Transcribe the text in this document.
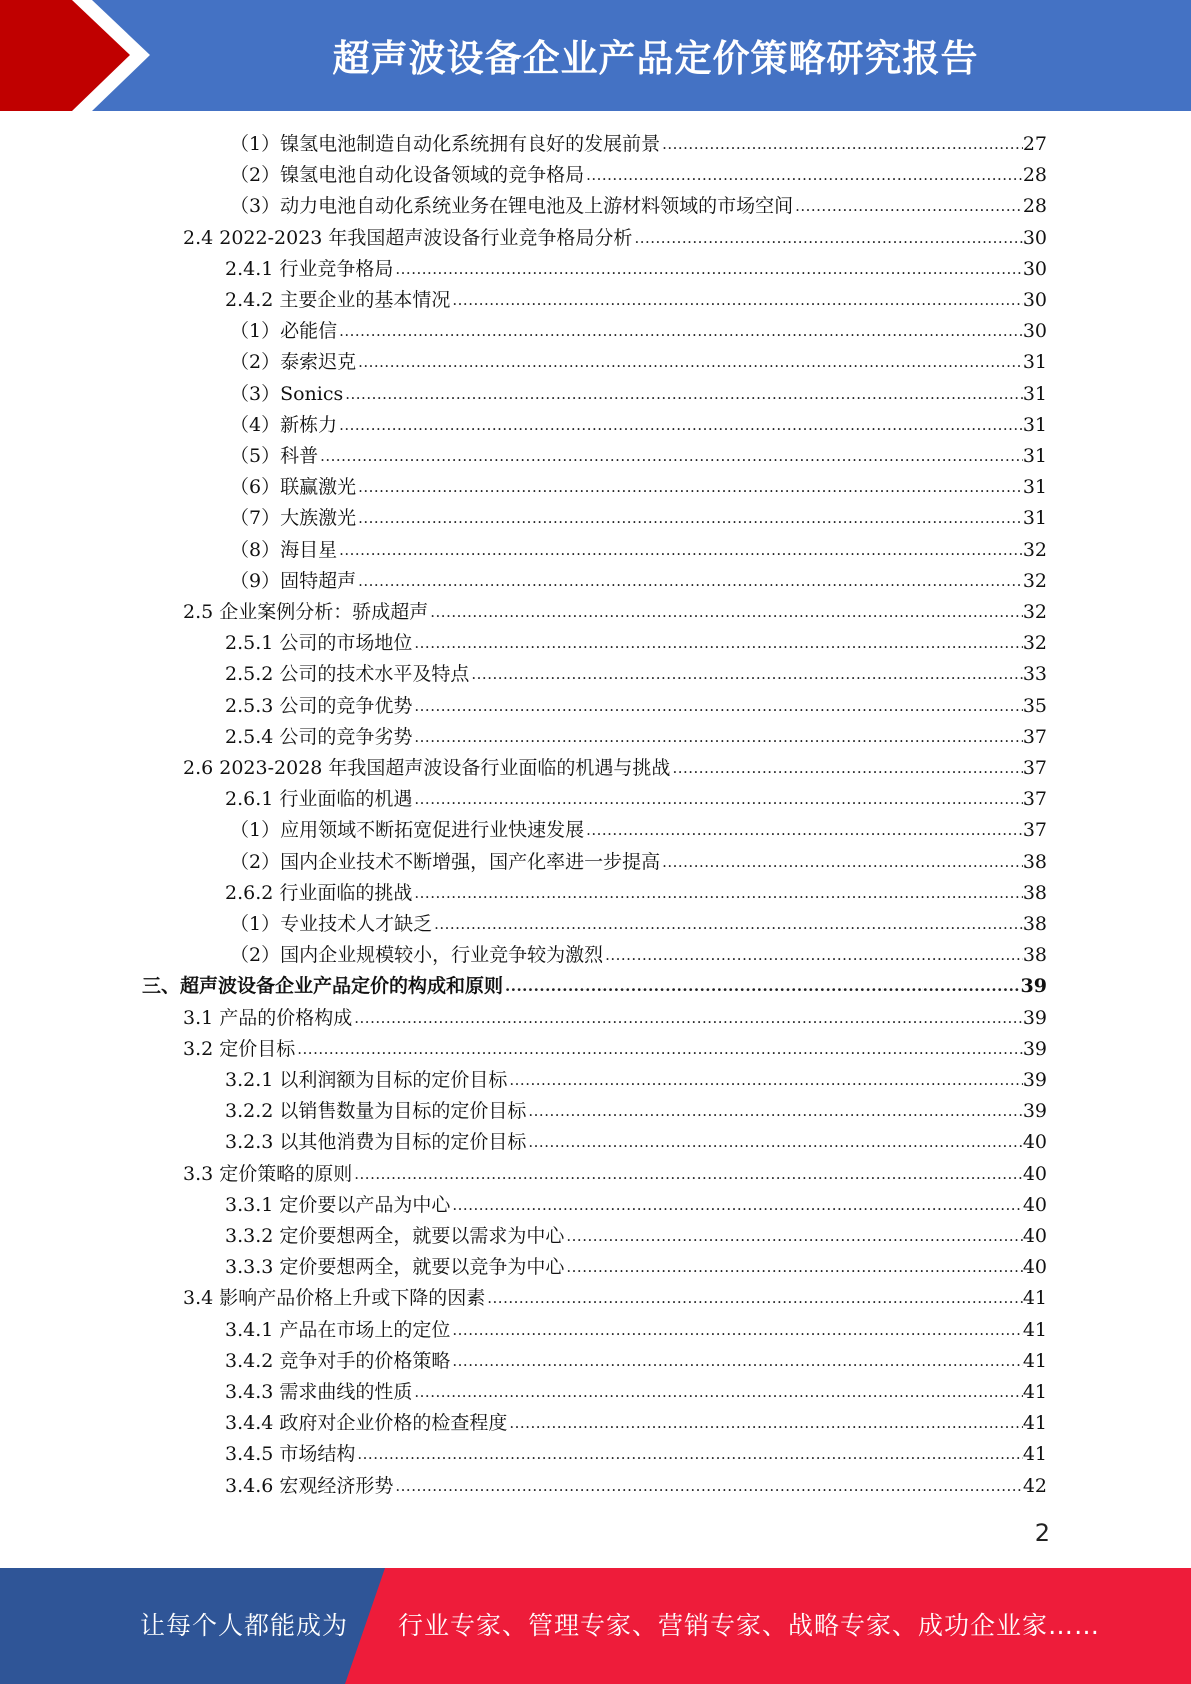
超声波设备企业产品定价策略研究报告
（1）镍氢电池制造自动化系统拥有良好的发展前景 .....	27
（2）镍氢电池自动化设备领域的竞争格局 .....	28
（3）动力电池自动化系统业务在锂电池及上游材料领域的市场空间 .....	28
2.4 2022-2023 年我国超声波设备行业竞争格局分析 .....	30
2.4.1 行业竞争格局 .....	30
2.4.2 主要企业的基本情况 .....	30
（1）必能信 .....	30
（2）泰索迟克 .....	31
（3）Sonics .....	31
（4）新栋力 .....	31
（5）科普 .....	31
（6）联赢激光 .....	31
（7）大族激光 .....	31
（8）海目星 .....	32
（9）固特超声 .....	32
2.5 企业案例分析：骄成超声 .....	32
2.5.1 公司的市场地位 .....	32
2.5.2 公司的技术水平及特点 .....	33
2.5.3 公司的竞争优势 .....	35
2.5.4 公司的竞争劣势 .....	37
2.6 2023-2028 年我国超声波设备行业面临的机遇与挑战 .....	37
2.6.1 行业面临的机遇 .....	37
（1）应用领域不断拓宽促进行业快速发展 .....	37
（2）国内企业技术不断增强，国产化率进一步提高 .....	38
2.6.2 行业面临的挑战 .....	38
（1）专业技术人才缺乏 .....	38
（2）国内企业规模较小，行业竞争较为激烈 .....	38
三、超声波设备企业产品定价的构成和原则 .....	39
3.1 产品的价格构成 .....	39
3.2 定价目标 .....	39
3.2.1 以利润额为目标的定价目标 .....	39
3.2.2 以销售数量为目标的定价目标 .....	39
3.2.3 以其他消费为目标的定价目标 .....	40
3.3 定价策略的原则 .....	40
3.3.1 定价要以产品为中心 .....	40
3.3.2 定价要想两全，就要以需求为中心 .....	40
3.3.3 定价要想两全，就要以竞争为中心 .....	40
3.4 影响产品价格上升或下降的因素 .....	41
3.4.1 产品在市场上的定位 .....	41
3.4.2 竞争对手的价格策略 .....	41
3.4.3 需求曲线的性质 .....	41
3.4.4 政府对企业价格的检查程度 .....	41
3.4.5 市场结构 .....	41
3.4.6 宏观经济形势 .....	42
2
让每个人都能成为 行业专家、管理专家、营销专家、战略专家、成功企业家……
